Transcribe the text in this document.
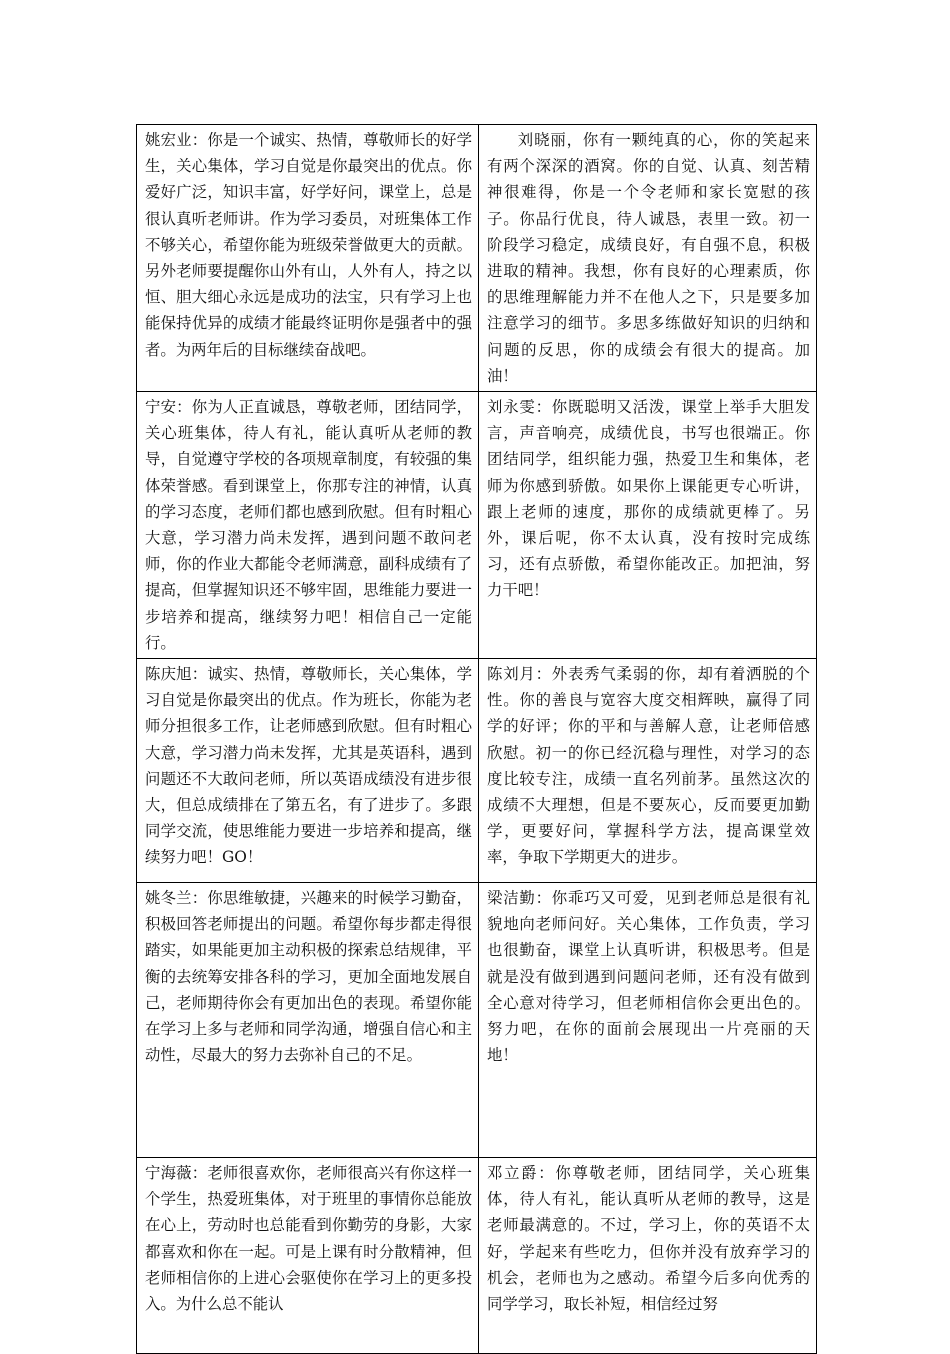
姚宏业：你是一个诚实、热情，尊敬师长的好学生，关心集体，学习自觉是你最突出的优点。你爱好广泛，知识丰富，好学好问，课堂上，总是很认真听老师讲。作为学习委员，对班集体工作不够关心，希望你能为班级荣誉做更大的贡献。另外老师要提醒你山外有山，人外有人，持之以恒、胆大细心永远是成功的法宝，只有学习上也能保持优异的成绩才能最终证明你是强者中的强者。为两年后的目标继续奋战吧。	刘晓丽，你有一颗纯真的心，你的笑起来有两个深深的酒窝。你的自觉、认真、刻苦精神很难得，你是一个令老师和家长宽慰的孩子。你品行优良，待人诚恳，表里一致。初一阶段学习稳定，成绩良好，有自强不息，积极进取的精神。我想，你有良好的心理素质，你的思维理解能力并不在他人之下，只是要多加注意学习的细节。多思多练做好知识的归纳和问题的反思，你的成绩会有很大的提高。加油！

宁安：你为人正直诚恳，尊敬老师，团结同学，关心班集体，待人有礼，能认真听从老师的教导，自觉遵守学校的各项规章制度，有较强的集体荣誉感。看到课堂上，你那专注的神情，认真的学习态度，老师们都也感到欣慰。但有时粗心大意，学习潜力尚未发挥，遇到问题不敢问老师，你的作业大都能令老师满意，副科成绩有了提高，但掌握知识还不够牢固，思维能力要进一步培养和提高，继续努力吧！相信自己一定能行。	刘永雯：你既聪明又活泼，课堂上举手大胆发言，声音响亮，成绩优良，书写也很端正。你团结同学，组织能力强，热爱卫生和集体，老师为你感到骄傲。如果你上课能更专心听讲，跟上老师的速度，那你的成绩就更棒了。另外，课后呢，你不太认真，没有按时完成练习，还有点骄傲，希望你能改正。加把油，努力干吧！
陈庆旭：诚实、热情，尊敬师长，关心集体，学习自觉是你最突出的优点。作为班长，你能为老师分担很多工作，让老师感到欣慰。但有时粗心大意，学习潜力尚未发挥，尤其是英语科，遇到问题还不大敢问老师，所以英语成绩没有进步很大，但总成绩排在了第五名，有了进步了。多跟同学交流，使思维能力要进一步培养和提高，继续努力吧！GO！	陈刘月：外表秀气柔弱的你，却有着洒脱的个性。你的善良与宽容大度交相辉映，赢得了同学的好评；你的平和与善解人意，让老师倍感欣慰。初一的你已经沉稳与理性，对学习的态度比较专注，成绩一直名列前茅。虽然这次的成绩不大理想，但是不要灰心，反而要更加勤学，更要好问，掌握科学方法，提高课堂效率，争取下学期更大的进步。
姚冬兰：你思维敏捷，兴趣来的时候学习勤奋，积极回答老师提出的问题。希望你每步都走得很踏实，如果能更加主动积极的探索总结规律，平衡的去统筹安排各科的学习，更加全面地发展自己，老师期待你会有更加出色的表现。希望你能在学习上多与老师和同学沟通，增强自信心和主动性，尽最大的努力去弥补自己的不足。	梁洁勤：你乖巧又可爱，见到老师总是很有礼貌地向老师问好。关心集体，工作负责，学习也很勤奋，课堂上认真听讲，积极思考。但是就是没有做到遇到问题问老师，还有没有做到全心意对待学习，但老师相信你会更出色的。努力吧，在你的面前会展现出一片亮丽的天地！

宁海薇：老师很喜欢你，老师很高兴有你这样一个学生，热爱班集体，对于班里的事情你总能放在心上，劳动时也总能看到你勤劳的身影，大家都喜欢和你在一起。可是上课有时分散精神，但老师相信你的上进心会驱使你在学习上的更多投入。为什么总不能认	邓立爵：你尊敬老师，团结同学，关心班集体，待人有礼，能认真听从老师的教导，这是老师最满意的。不过，学习上，你的英语不太好，学起来有些吃力，但你并没有放弃学习的机会，老师也为之感动。希望今后多向优秀的同学学习，取长补短，相信经过努
